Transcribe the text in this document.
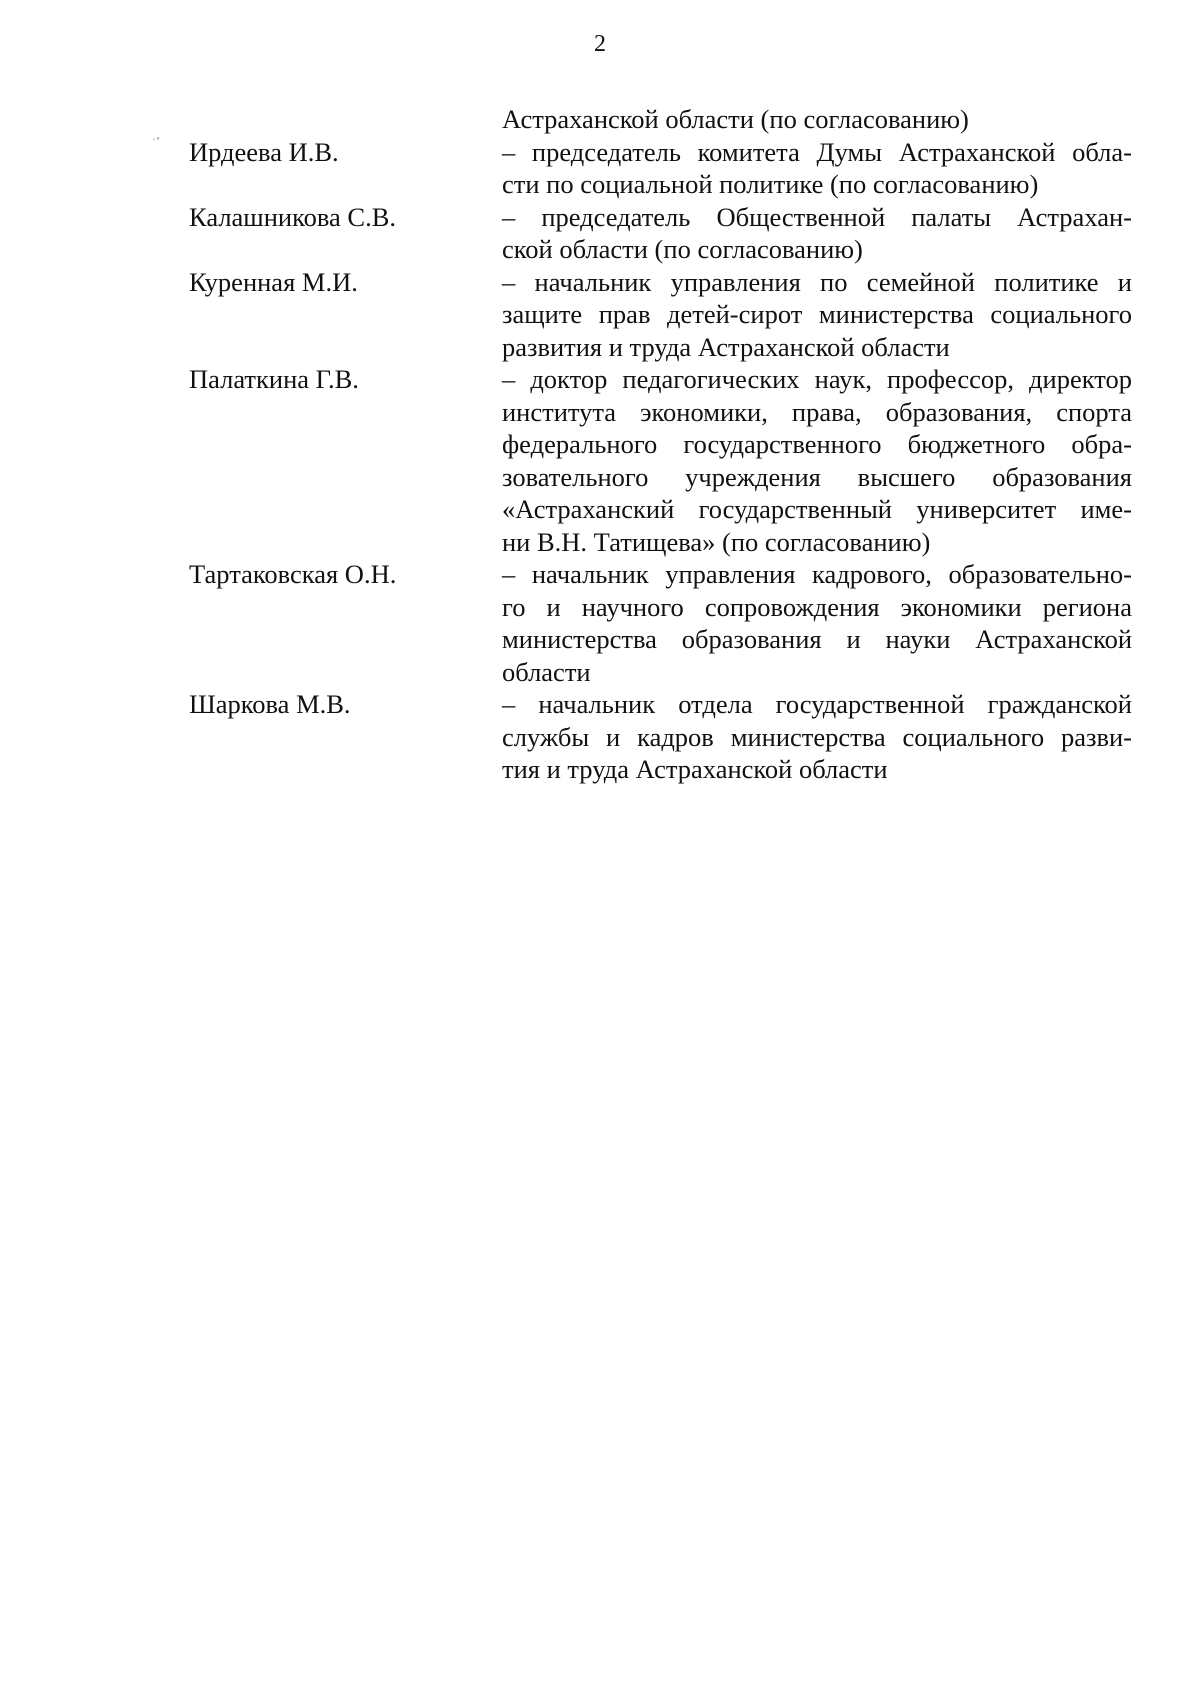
2
ˌ‚	Астраханской области (по согласованию)
Ирдеева И.В.	– председатель комитета Думы Астраханской обла-
сти по социальной политике (по согласованию)
Калашникова С.В.	– председатель Общественной палаты Астрахан-
ской области (по согласованию)
Куренная М.И.	– начальник управления по семейной политике и
защите прав детей-сирот министерства социального
развития и труда Астраханской области
Палаткина Г.В.	– доктор педагогических наук, профессор, директор
института экономики, права, образования, спорта
федерального государственного бюджетного обра-
зовательного учреждения высшего образования
«Астраханский государственный университет име-
ни В.Н. Татищева» (по согласованию)
Тартаковская О.Н.	– начальник управления кадрового, образовательно-
го и научного сопровождения экономики региона
министерства образования и науки Астраханской
области
Шаркова М.В.	– начальник отдела государственной гражданской
службы и кадров министерства социального разви-
тия и труда Астраханской области
